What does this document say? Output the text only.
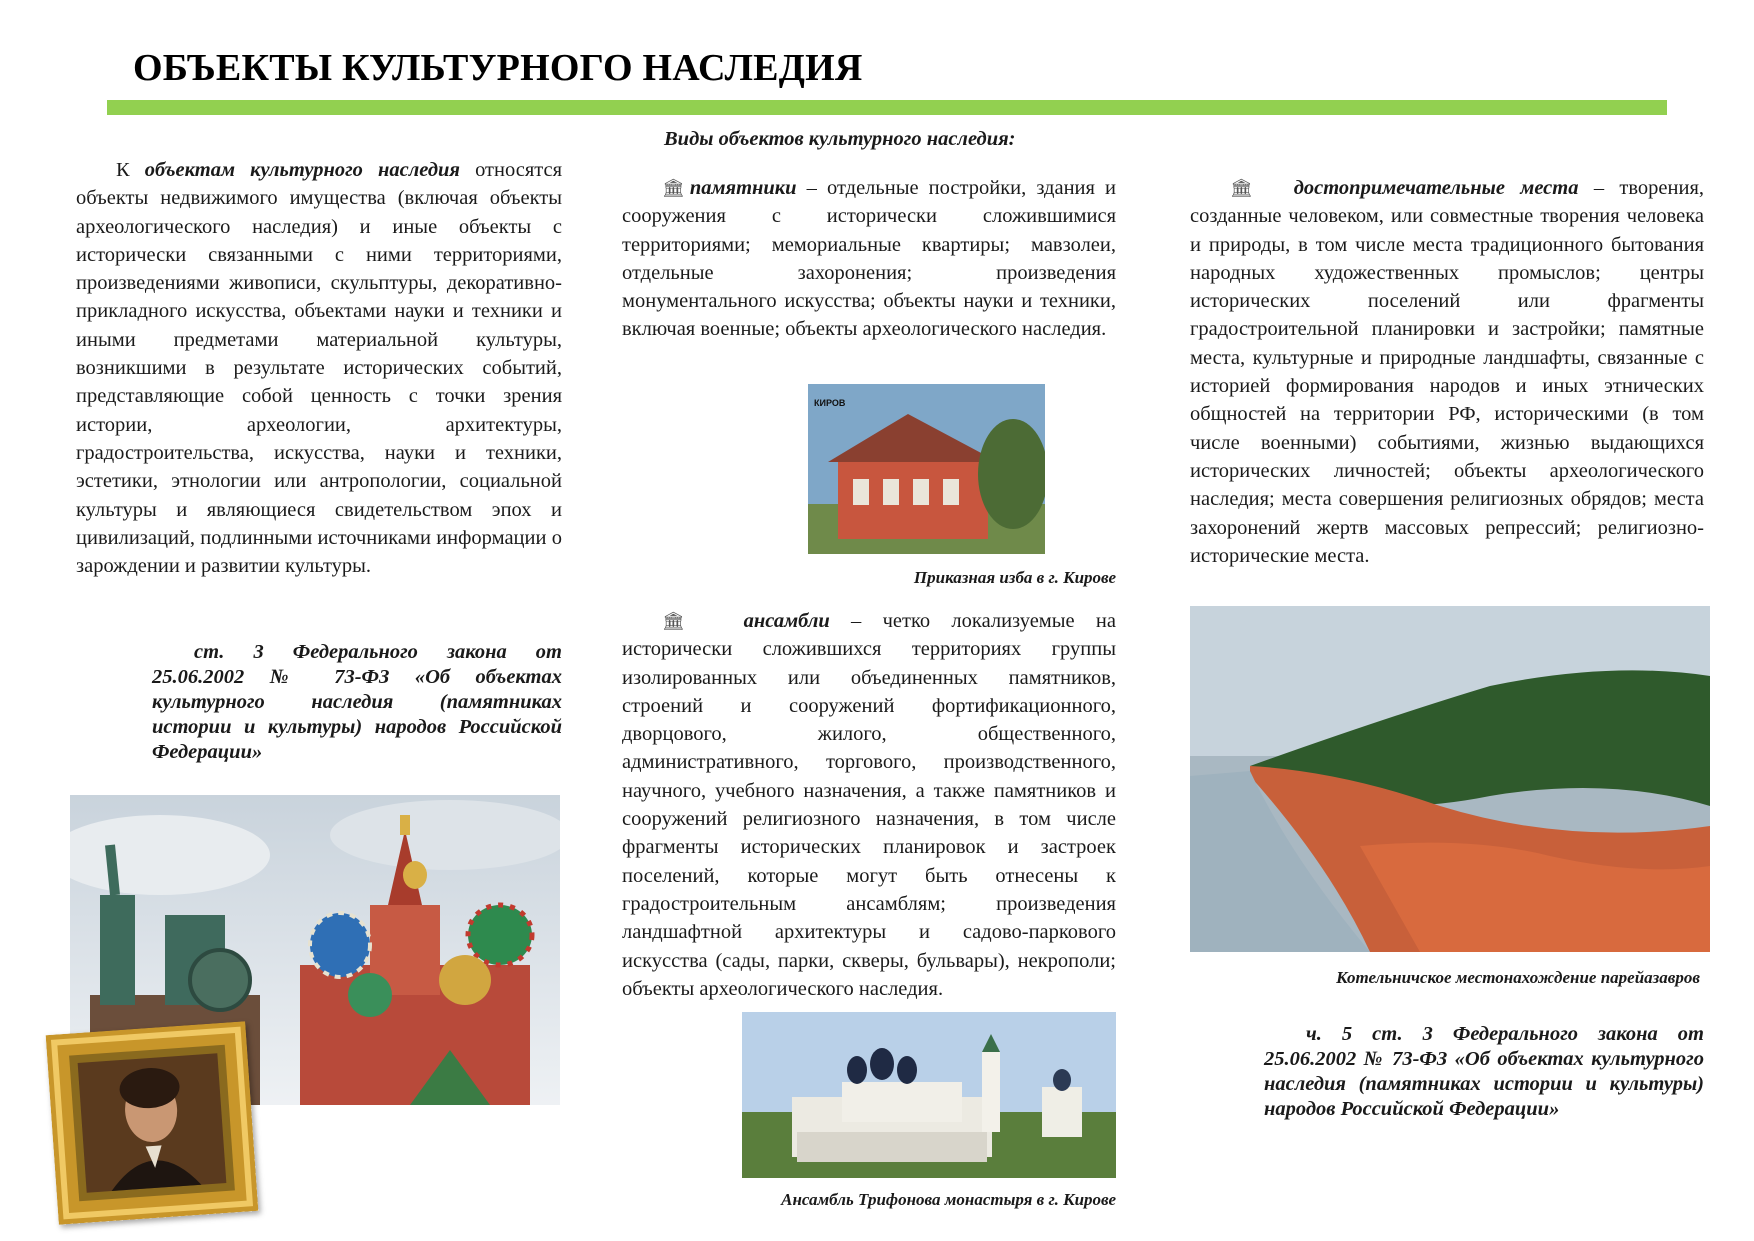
ОБЪЕКТЫ КУЛЬТУРНОГО НАСЛЕДИЯ

К объектам культурного наследия относятся объекты недвижимого имущества (включая объекты археологического наследия) и иные объекты с исторически связанными с ними территориями, произведениями живописи, скульптуры, декоративно-прикладного искусства, объектами науки и техники и иными предметами материальной культуры, возникшими в результате исторических событий, представляющие собой ценность с точки зрения истории, археологии, архитектуры, градостроительства, искусства, науки и техники, эстетики, этнологии или антропологии, социальной культуры и являющиеся свидетельством эпох и цивилизаций, подлинными источниками информации о зарождении и развитии культуры.

ст. 3 Федерального закона от 25.06.2002 № 73-ФЗ «Об объектах культурного наследия (памятниках истории и культуры) народов Российской Федерации»
Виды объектов культурного наследия:

🏛памятники – отдельные постройки, здания и сооружения с исторически сложившимися территориями; мемориальные квартиры; мавзолеи, отдельные захоронения; произведения монументального искусства; объекты науки и техники, включая военные; объекты археологического наследия.

КИРОВ
Приказная изба в г. Кирове

🏛 ансамбли – четко локализуемые на исторически сложившихся территориях группы изолированных или объединенных памятников, строений и сооружений фортификационного, дворцового, жилого, общественного, административного, торгового, производственного, научного, учебного назначения, а также памятников и сооружений религиозного назначения, в том числе фрагменты исторических планировок и застроек поселений, которые могут быть отнесены к градостроительным ансамблям; произведения ландшафтной архитектуры и садово-паркового искусства (сады, парки, скверы, бульвары), некрополи; объекты археологического наследия.

Ансамбль Трифонова монастыря в г. Кирове

🏛 достопримечательные места – творения, созданные человеком, или совместные творения человека и природы, в том числе места традиционного бытования народных художественных промыслов; центры исторических поселений или фрагменты градостроительной планировки и застройки; памятные места, культурные и природные ландшафты, связанные с историей формирования народов и иных этнических общностей на территории РФ, историческими (в том числе военными) событиями, жизнью выдающихся исторических личностей; объекты археологического наследия; места совершения религиозных обрядов; места захоронений жертв массовых репрессий; религиозно-исторические места.

Котельничское местонахождение парейазавров
ч. 5 ст. 3 Федерального закона от 25.06.2002 № 73-ФЗ «Об объектах культурного наследия (памятниках истории и культуры) народов Российской Федерации»
